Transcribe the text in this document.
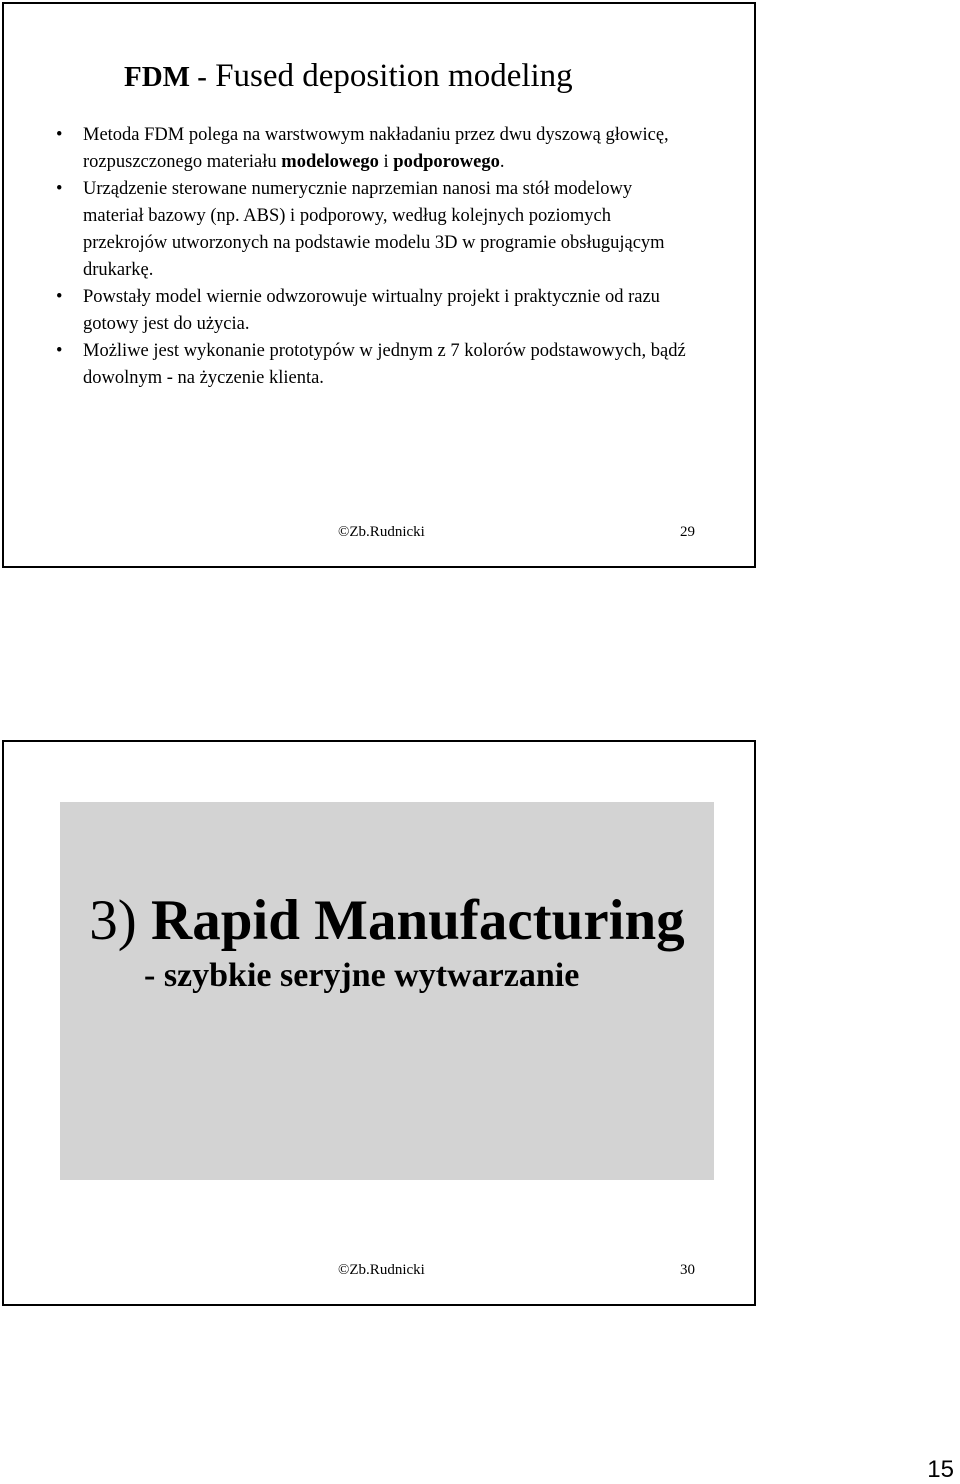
FDM - Fused deposition modeling
• Metoda FDM polega na warstwowym nakładaniu przez dwu dyszową głowicę, rozpuszczonego materiału modelowego i podporowego.
• Urządzenie sterowane numerycznie naprzemian nanosi ma stół modelowy materiał bazowy (np. ABS) i podporowy, według kolejnych poziomych przekrojów utworzonych na podstawie modelu 3D w programie obsługującym drukarkę.
• Powstały model wiernie odwzorowuje wirtualny projekt i praktycznie od razu gotowy jest do użycia.
• Możliwe jest wykonanie prototypów w jednym z 7 kolorów podstawowych, bądź dowolnym - na życzenie klienta.
©Zb.Rudnicki	29
3) Rapid Manufacturing

- szybkie seryjne wytwarzanie

©Zb.Rudnicki	30
15
